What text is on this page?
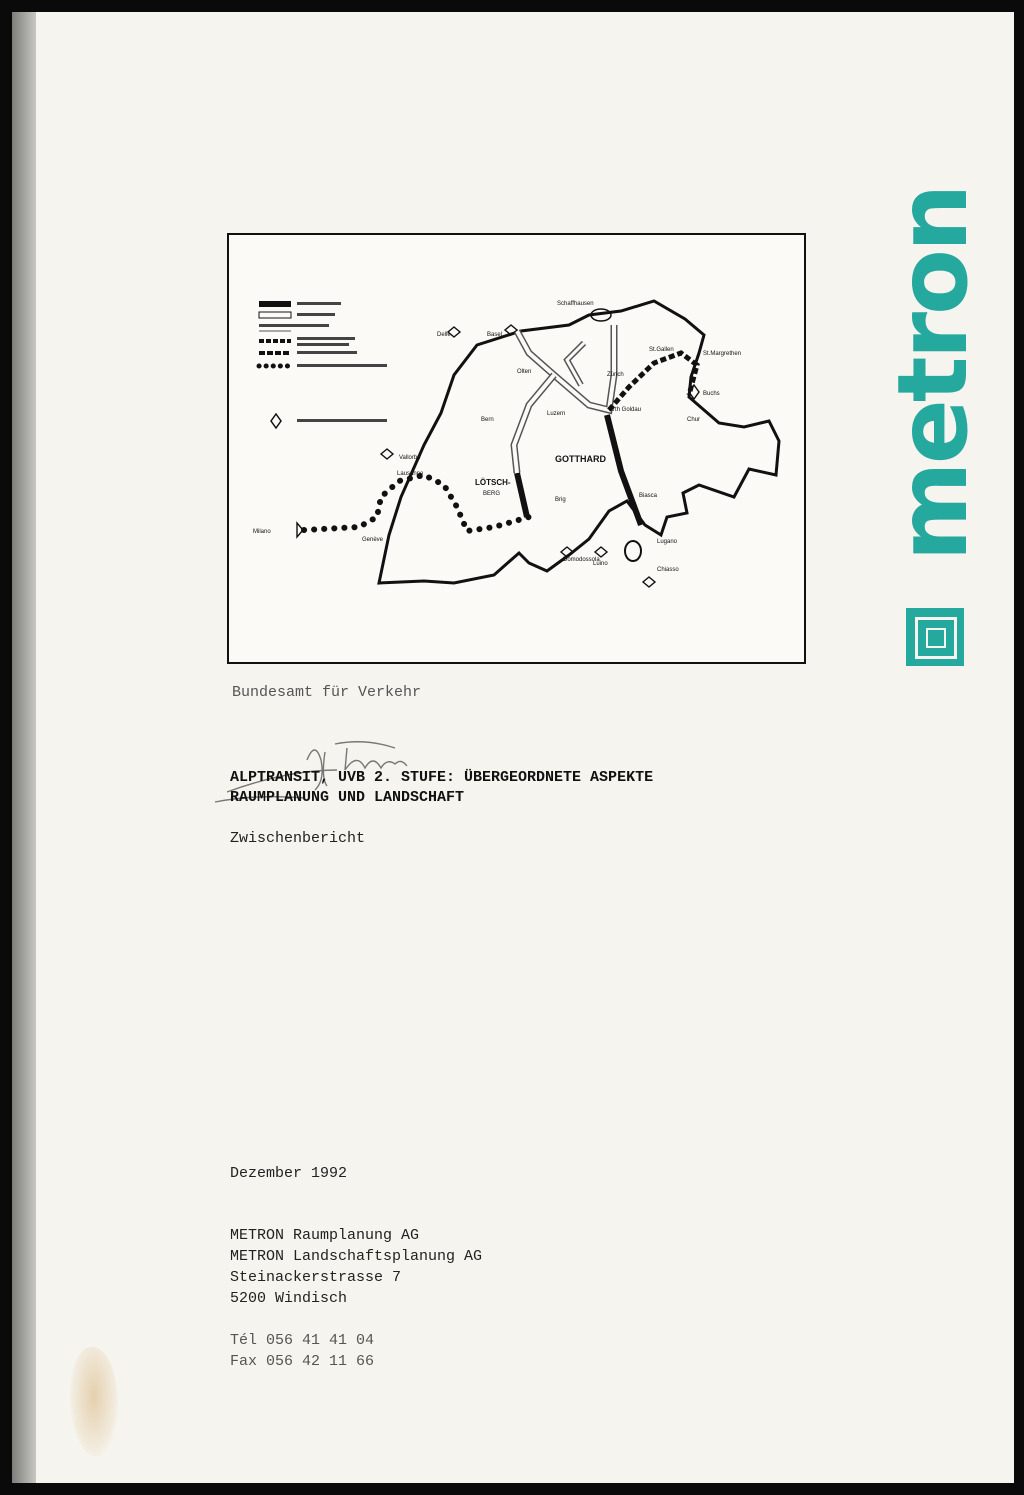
GOTTHARD
LÖTSCH-
BERG
Basel
Zürich
Bern
Luzern
Genève	Lugano
Chur
St.Gallen
Olten
Chiasso
Biasca
Brig
Lausanne
Arth Goldau
Schaffhausen
Delle
Buchs
St.Margrethen
Vallorbe
Domodossola
Luino
Milano	metron
Bundesamt für Verkehr
ALPTRANSIT, UVB 2. STUFE: ÜBERGEORDNETE ASPEKTE
RAUMPLANUNG UND LANDSCHAFT
Zwischenbericht
Dezember 1992
METRON Raumplanung AG
METRON Landschaftsplanung AG
Steinackerstrasse 7
5200 Windisch
Tél 056 41 41 04
Fax 056 42 11 66
